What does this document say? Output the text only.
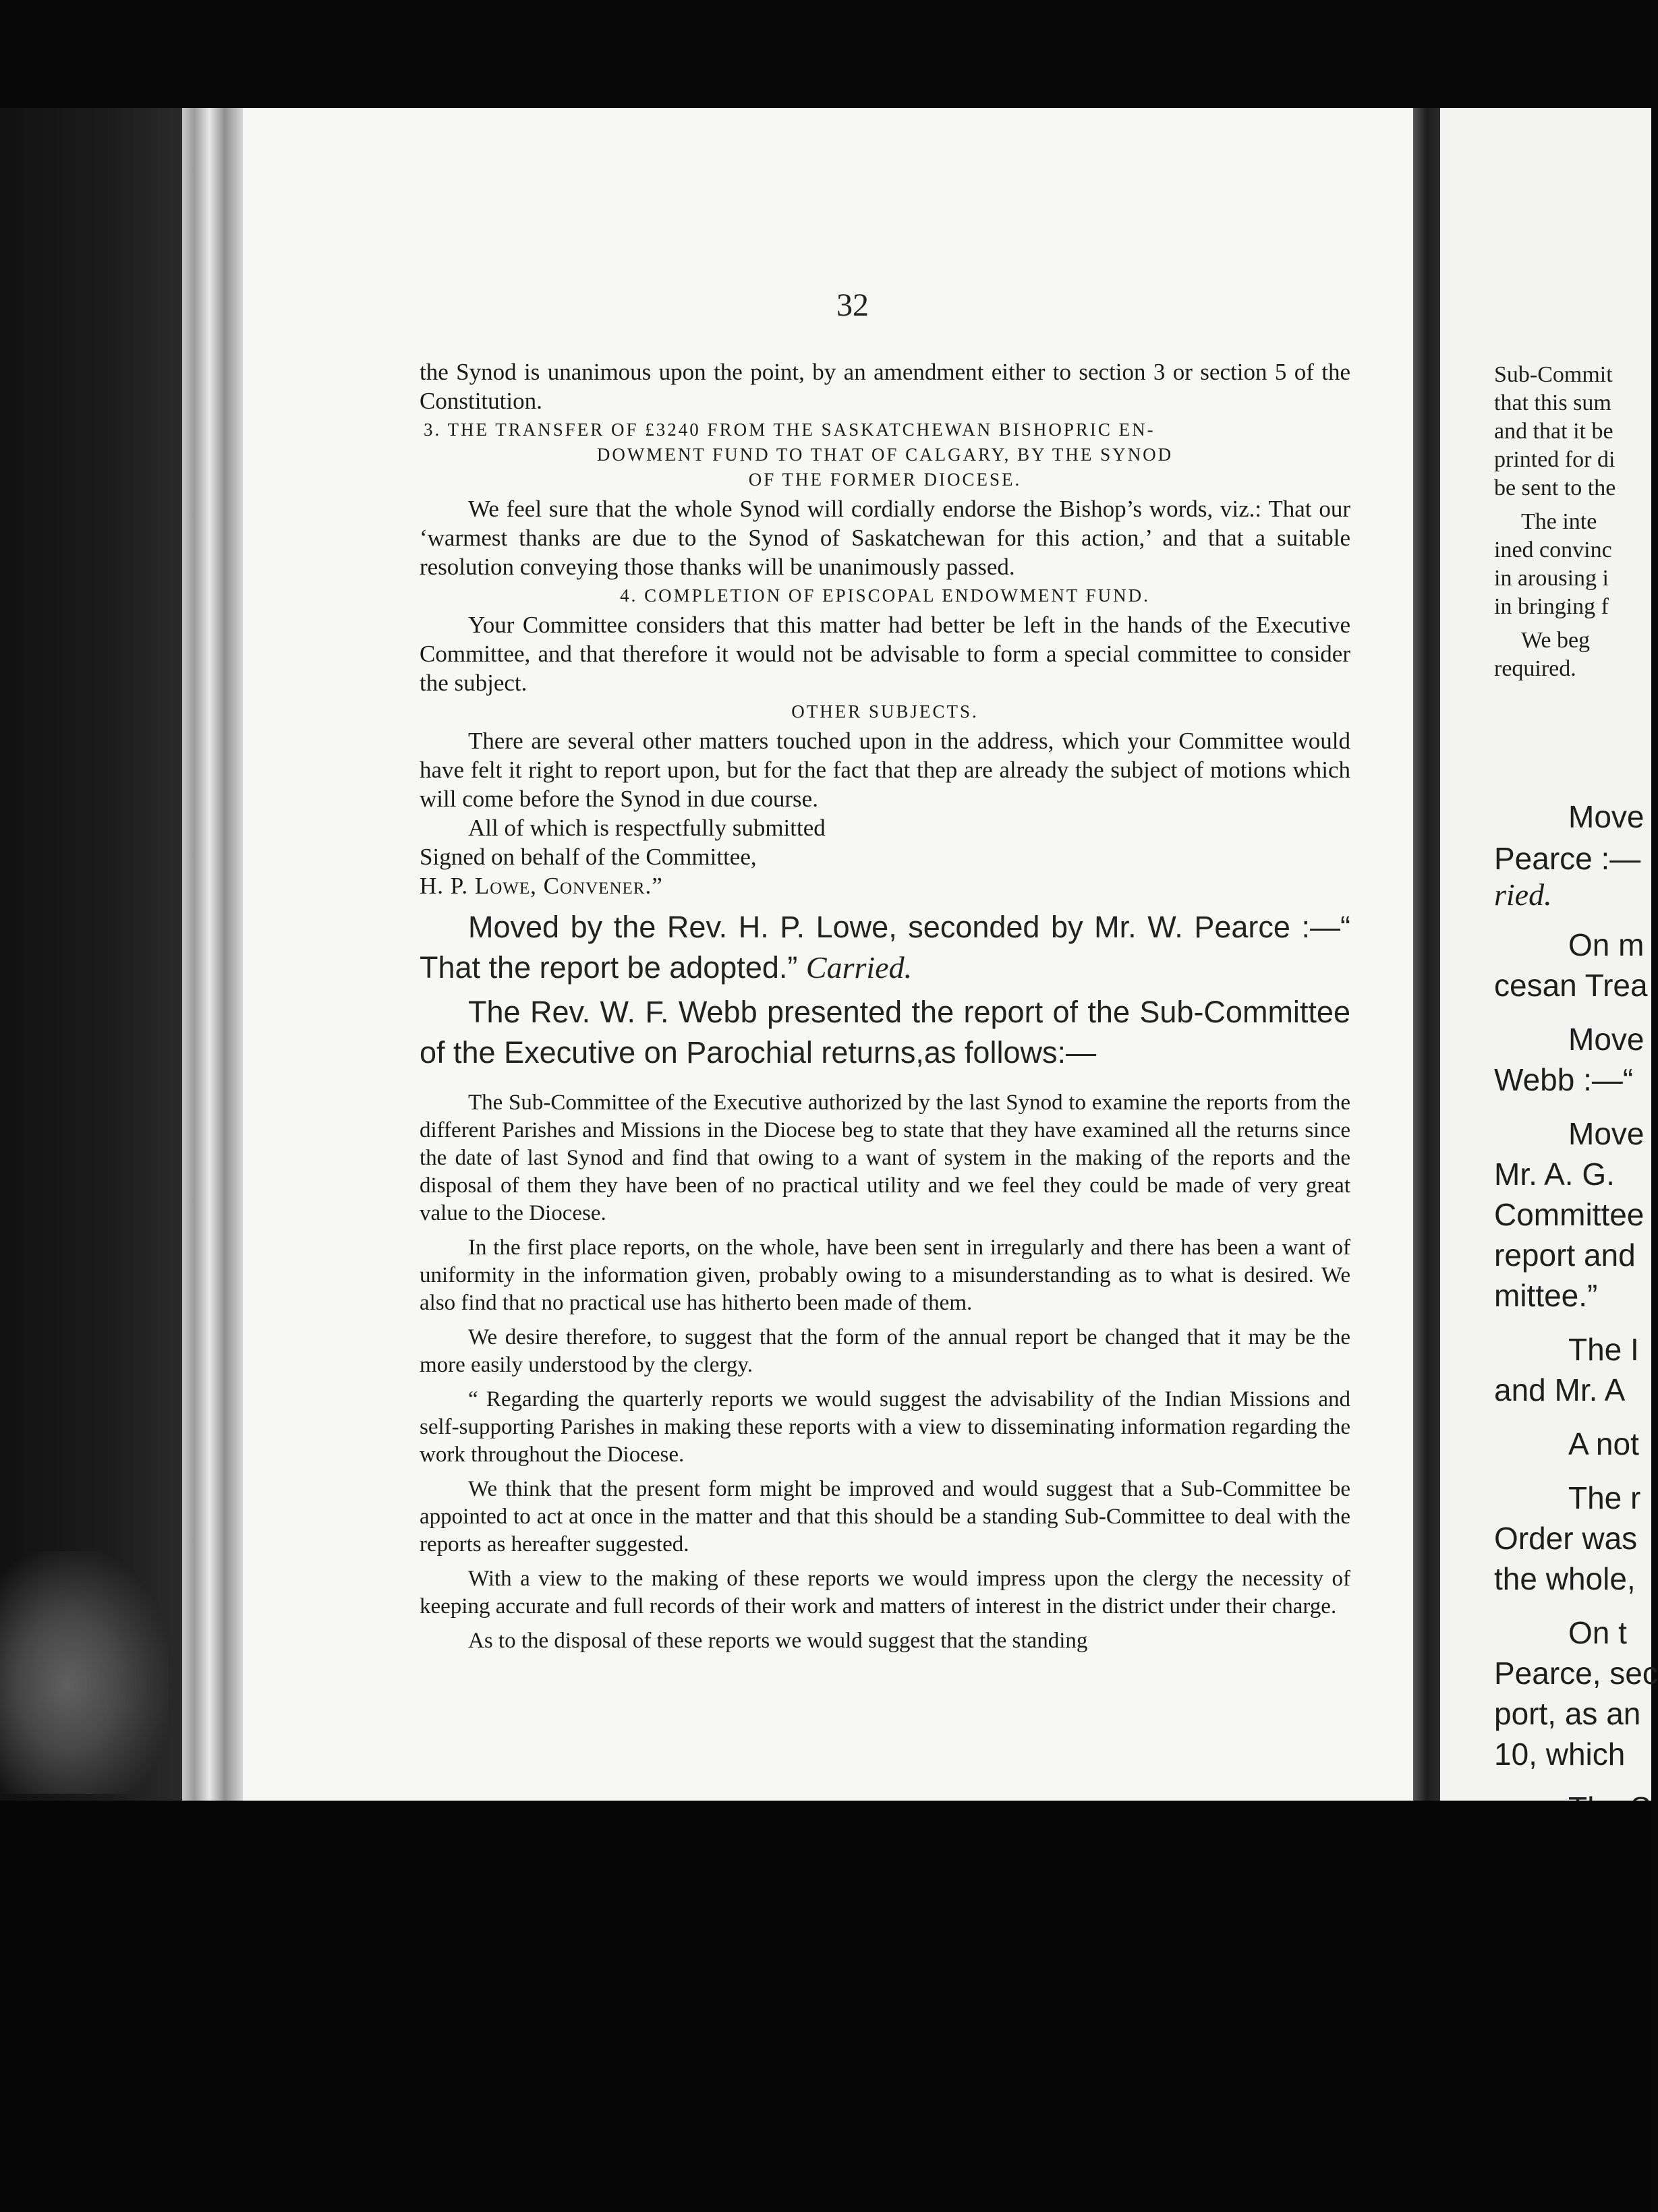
32

the Synod is unanimous upon the point, by an amendment either to section 3 or section 5 of the Constitution.

3. THE TRANSFER OF £3240 FROM THE SASKATCHEWAN BISHOPRIC EN-

DOWMENT FUND TO THAT OF CALGARY, BY THE SYNOD

OF THE FORMER DIOCESE.

We feel sure that the whole Synod will cordially endorse the Bishop’s words, viz.: That our ‘warmest thanks are due to the Synod of Saskatchewan for this action,’ and that a suitable resolution conveying those thanks will be unanimously passed.

4. COMPLETION OF EPISCOPAL ENDOWMENT FUND.

Your Committee considers that this matter had better be left in the hands of the Executive Committee, and that therefore it would not be advisable to form a special committee to consider the subject.

OTHER SUBJECTS.

There are several other matters touched upon in the address, which your Committee would have felt it right to report upon, but for the fact that thep are already the subject of motions which will come before the Synod in due course.

All of which is respectfully submitted

Signed on behalf of the Committee,

H. P. Lowe, Convener.”

Moved by the Rev. H. P. Lowe, seconded by Mr. W. Pearce :—“ That the report be adopted.” Carried.

The Rev. W. F. Webb presented the report of the Sub-Committee of the Executive on Parochial returns,as follows:—

The Sub-Committee of the Executive authorized by the last Synod to examine the reports from the different Parishes and Missions in the Diocese beg to state that they have examined all the returns since the date of last Synod and find that owing to a want of system in the making of the reports and the disposal of them they have been of no practical utility and we feel they could be made of very great value to the Diocese.

In the first place reports, on the whole, have been sent in irregularly and there has been a want of uniformity in the information given, probably owing to a misunderstanding as to what is desired. We also find that no practical use has hitherto been made of them.

We desire therefore, to suggest that the form of the annual report be changed that it may be the more easily understood by the clergy.

“ Regarding the quarterly reports we would suggest the advisability of the Indian Missions and self-supporting Parishes in making these reports with a view to disseminating information regarding the work throughout the Diocese.

We think that the present form might be improved and would suggest that a Sub-Committee be appointed to act at once in the matter and that this should be a standing Sub-Committee to deal with the reports as hereafter suggested.

With a view to the making of these reports we would impress upon the clergy the necessity of keeping accurate and full records of their work and matters of interest in the district under their charge.

As to the disposal of these reports we would suggest that the standing

Sub-Commit
that this sum
and that it be
printed for di
be sent to the
The inte
ined convinc
in arousing i
in bringing f
We beg
required.
Move
Pearce :—
ried.
On m
cesan Trea
Move
Webb :—“
Move
Mr. A. G.
Committee
report and
mittee.”
The I
and Mr. A
A not
The r
Order was
the whole,
On t
Pearce, sec
port, as an
10, which
